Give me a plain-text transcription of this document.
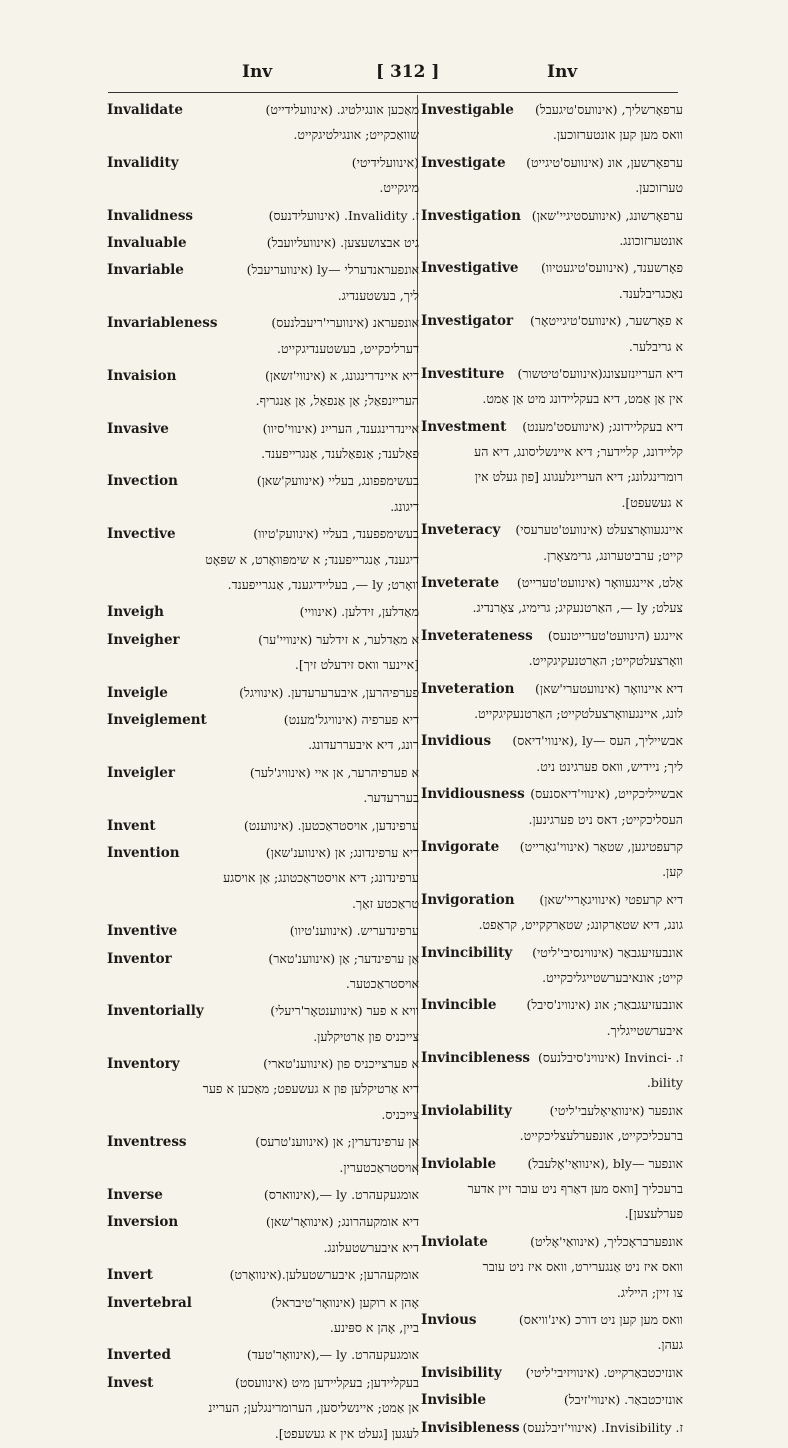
Inv	[ 312 ]	Inv
Invalidate	מאַכען אונגילטיג. (אינוועלידייט)
שוואַכקייט; אונגילטיגקייט.
Invalidity	(אינוועלידיטי)
מיגקייט.
Invalidness	ז. Invalidity. (אינוועלידנעס)
Invaluable	גיט אבצושעצען. (אינוועליועבל)
Invariable	אונפעראנדערלי —ly (אינוועריעבל)
ליך, בעשטענדיג.
Invariableness	אונפעראנ (אינווערי'ריעבלנעס)
דערליכקייט, בעשטענדיגקייט.
Invaision	דיא איינדרינגונג, א (אינווי'זשאן)
הערייִנפאַל; אַן אַנפאַל, אַן אַנגריף.
Invasive	איינדרינגענד, הערייִנ (אינווי'סיוו)
פאַלענד; אַנפאַלענד, אַנגרייפענד.
Invection	בעשימפפונג, בעליי (אינוועק'שאן)
דיגונג.
Invective	בעשימפפענד, בעליי (אינוועק'טיוו)
דיגענד, אַנגרייפענד; א שימפּוואָרט, א שפּאָט
וואָרט; ly —, בעליידיגענד, אַנגרייפענד.
Inveigh	מאַדלען, זידלען. (אינוויי)
Inveigher	א מאַדלער, א זידלער (אינוויי'ער)
[איינער וואס זידעלט זיך].
Inveigle	פערפיהרען, איבערערעדען. (אינוויגל)
Inveiglement	דיא פערפיה (אינוויגל'מענט)
רונג, דיא איבעררעדונג.
Inveigler	א פערפיהרער, אן איי (אינוויג'לער)
בעררעדער.
Invent	ערפינדען, אויסטראַכטען. (אינווענט)
Invention	דיא ערפינדונג; אן (אינווענ'שאן)
ערפינדונג; דיא אויסטראַכטונג; אַן אויסגע
טראַכטע זאַך.
Inventive	ערפינדעריש. (אינווענ'טיוו)
Inventor	אַן ערפינדער; אַן (אינווענ'טאר)
אויסטראַכטער.
Inventorially	וויא א פער (אינווענטאָר'ריעלי)
צייכניס פון אַרטיקלען.
Inventory	א פערצייכניס פון (אינווענ'טארי)
דיא אַרטיקלען פון א געשעפט; מאַכען א פער
צייכניס.
Inventress	אן ערפינדערין; אן (אינווענ'טרעס)
אויסטראַכטערין.
Inverse	אומגעקעהרט. ly —,(אינווארס)
Inversion	דיא אומקעהרונג; (אינוואָר'שאן)
דיא איבערשטעלונג.
Invert	אומקעהרען; איבערשטעלען.(אינוואָרט)
Invertebral	אָהן א רוקען (אינוואָר'טיבראל)
ביין, אָהן א ספּינע.
Inverted	אומגעקעהרט. ly —,(אינוואָר'טעד)
Invest	בעקליידען; בעקליידען מיט (אינוועסט)
אן אַמט; איינשליסען, הערומרינגלען; הערייִנ
לעגען [געלט אין א געשעפט].
Investigable	ערפאָרשליך, (אינוועס'טיגעבל)
וואס מען קען אונטערזוכען.
Investigate	ערפאָרשען, אונ (אינוועס'טיגייט)
טערזוכען.
Investigation ערפאָרשונג, (אינוועסטיגיי'שאן)
אונטערזוכונג.
Investigative	פאָרשענד, (אינוועס'טיגעטיוו)
נאַכגריבלענד.
Investigator	א פאָרשער, (אינוועס'טיגייטאָר)
א גריבלער.
Investiture	דיא הערייִנזעצונג(אינוועס'טיטשור)
אין אַן אַמט, דיא בעקליידונג מיט אַן אַמט.
Investment	דיא בעקליידונג; (אינוועסט'מענט)
קליידונג, קלײדער; דיא איינשליסונג, דיא הע
רומרינגלונג; דיא הערייִנלעגונג [פון געלט אין
א געשעפט].
Inveteracy	איינגעוואָרצעלט (אינוועט'טערעסי)
קייט; ערביטערונג, גרימצאָרן.
Inveterate	אַלט, איינגעוואָר (אינוועט'טערייט)
צעלט; ly —, האַרטנעקיג; גרימיג, צאָרנדיג.
Inveterateness	איינגע (הינוועט'טערייטנעס)
וואָרצעלטקייט; האַרטנעקיגקייט.
Inveteration	דיא איינוואָר (אינוועטערי'שאן)
לונג, איינגעוואָרצעלטקייט; האַרטנעקיגקייט.
Invidious	אבשייליך, העס —ly ,(אינווי'דיאס)
ליך; ניידיש, וואס פערגינט ניט.
Invidiousness אבשייליכקייט, (אינווי'דיאסנעס)
העסליכקייט; דאס ניט פערגינען.
Invigorate	קרעפטיגען, שטאַר (אינווי'גאָרייט)
קען.
Invigoration	דיא קרעפטי (אינוויגאָריי'שאן)
גונג, דיא שטאַרקונג; שטאַרקקייט, קראַפט.
Invincibility	אונבעזיעגבאַר (אינווינסיבי'ליטי)
קייט; אונאיבערשטייגליכקייט.
Invincible	אונבעזיעגבאַר; אונ (אינווינ'סיבל)
איבערשטייגליך.
Invincibleness ז. -Invinci (אינווינ'סיבלנעס)
bility.
Inviolability	אונפער (אינוואַיאָלעבי'ליטי)
ברעכליכקייט, אונפערלעצליכקייט.
Inviolable	אונפער —bly ,(אינוואַי'אָלעבל)
ברעכליך [וואס מען דאַרף ניט עובר זיין אדער
פערלעצען].
Inviolate	אונפערבראָכליך, (אינוואַי'אָליט)
וואס איז ניט אַנגערירט, וואס איז ניט עובר
צו זיין; הייליג.
Invious	וואס מען קען ניט דורכ (אינ'וויאס)
געהן.
Invisibility	אונזיכטבאַרקייט. (אינוויזיבי'ליטי)
Invisible	אונזיכטבאַר. (אינווי'זיבל)
Invisibleness ז. Invisibility. (אינווי'זיבלנעס)
